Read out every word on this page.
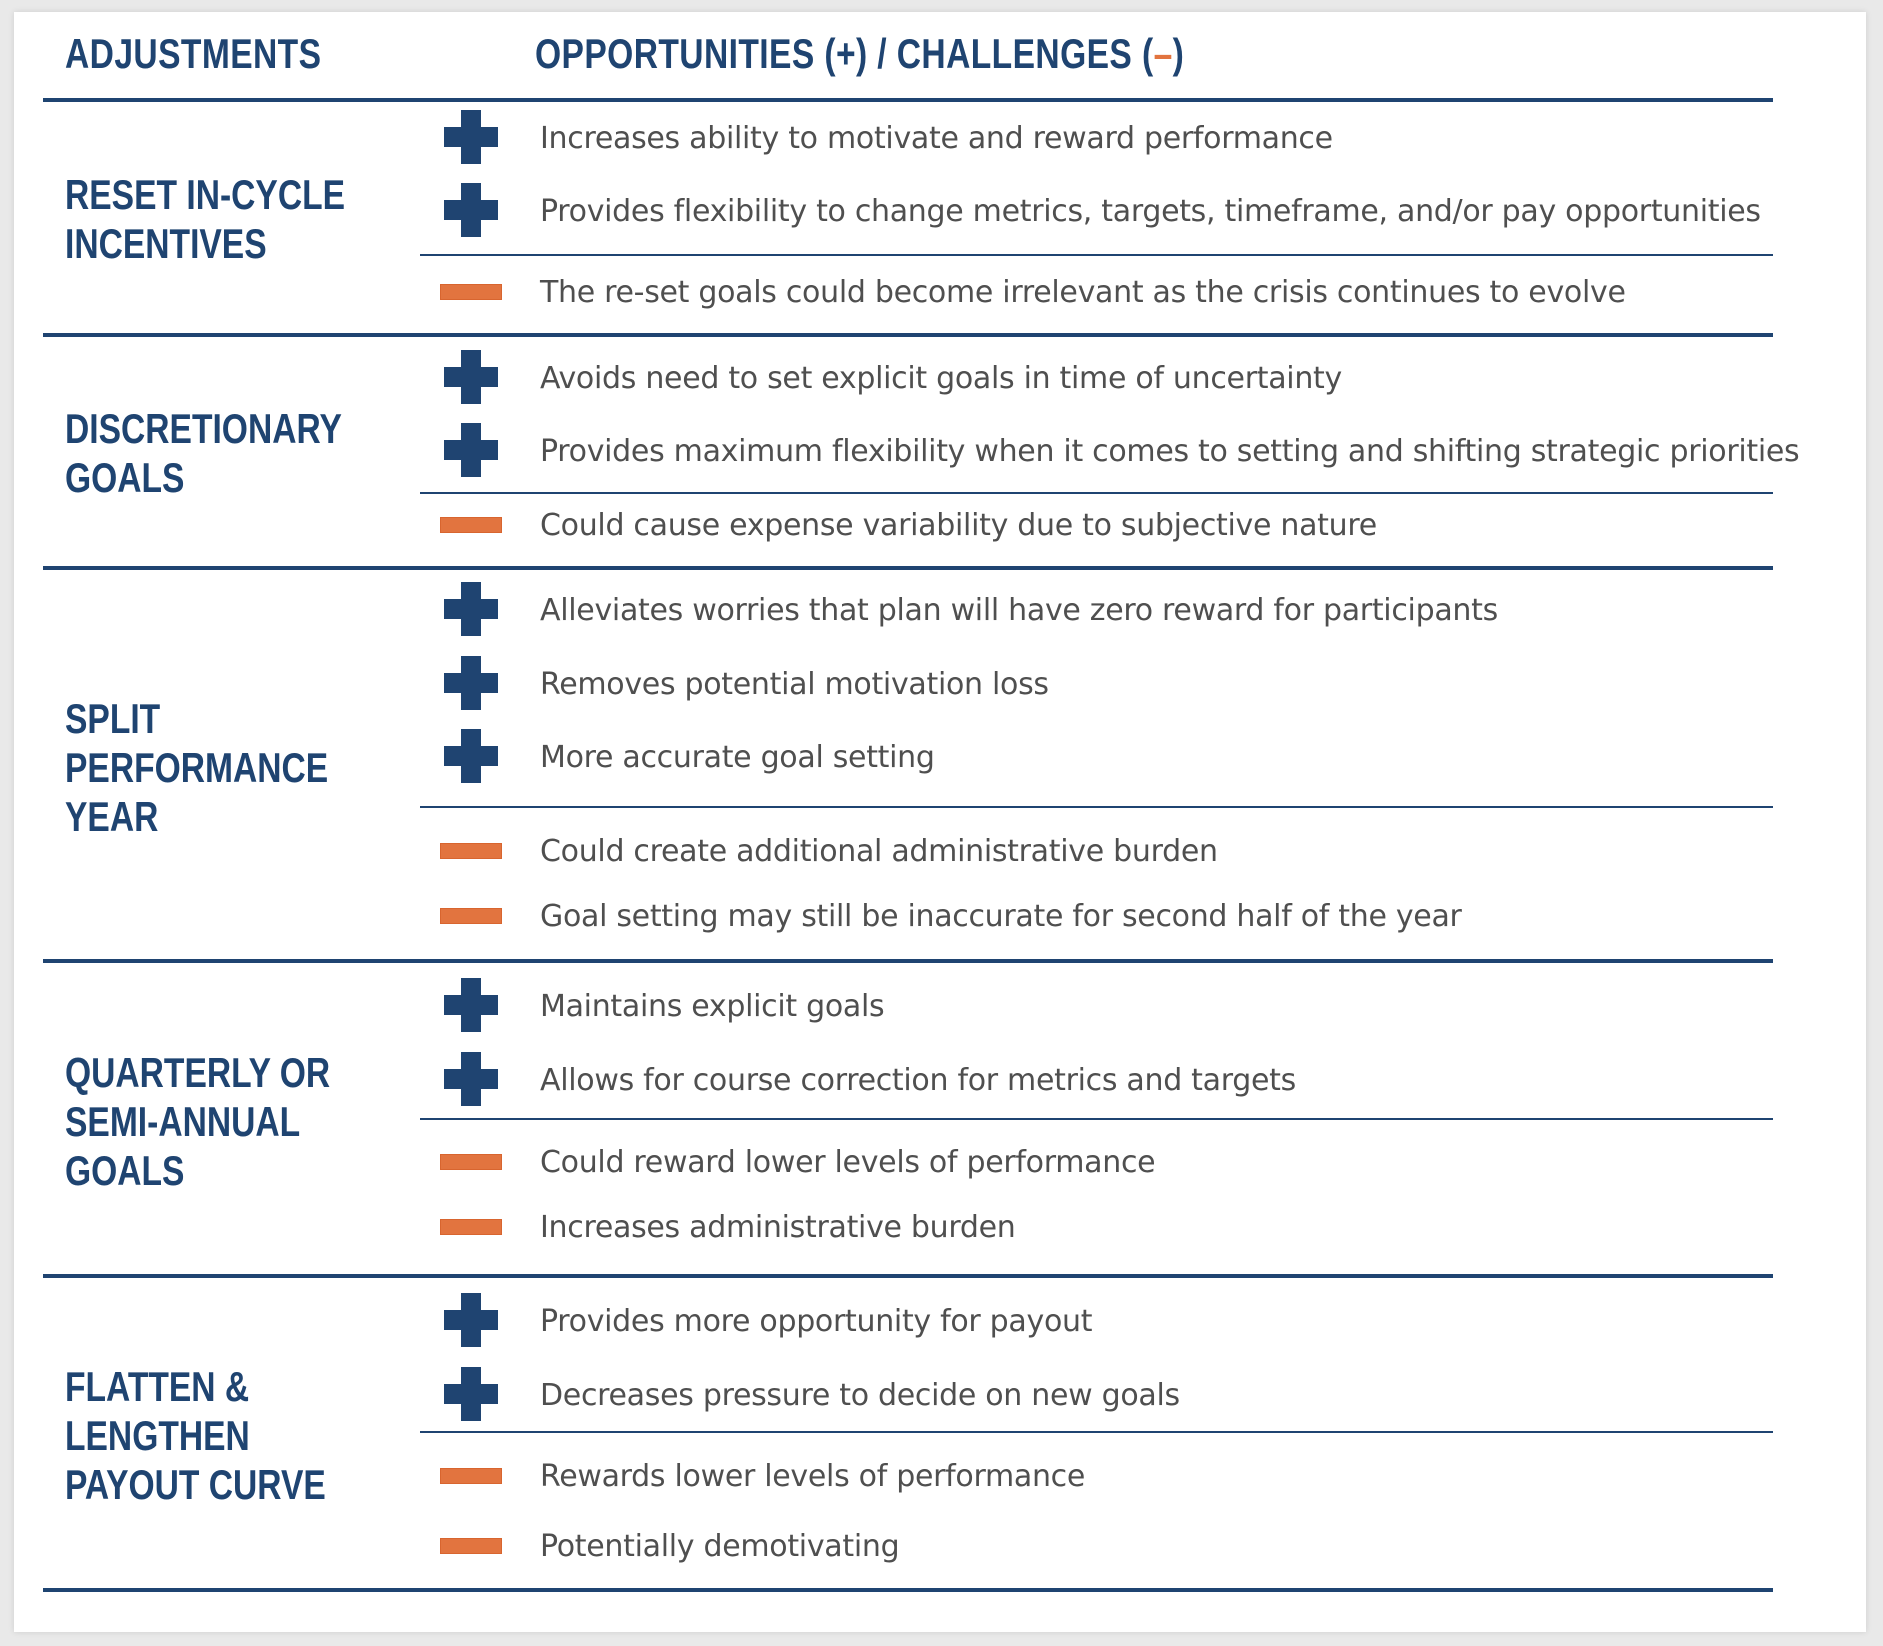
ADJUSTMENTS	OPPORTUNITIES (+) / CHALLENGES (–)
RESET IN-CYCLE
INCENTIVES
Increases ability to motivate and reward performance
Provides flexibility to change metrics, targets, timeframe, and/or pay opportunities
The re-set goals could become irrelevant as the crisis continues to evolve
DISCRETIONARY
GOALS
Avoids need to set explicit goals in time of uncertainty
Provides maximum flexibility when it comes to setting and shifting strategic priorities
Could cause expense variability due to subjective nature
SPLIT
PERFORMANCE
YEAR
Alleviates worries that plan will have zero reward for participants
Removes potential motivation loss
More accurate goal setting
Could create additional administrative burden
Goal setting may still be inaccurate for second half of the year
QUARTERLY OR
SEMI-ANNUAL
GOALS
Maintains explicit goals
Allows for course correction for metrics and targets
Could reward lower levels of performance
Increases administrative burden
FLATTEN &
LENGTHEN
PAYOUT CURVE
Provides more opportunity for payout
Decreases pressure to decide on new goals
Rewards lower levels of performance
Potentially demotivating
